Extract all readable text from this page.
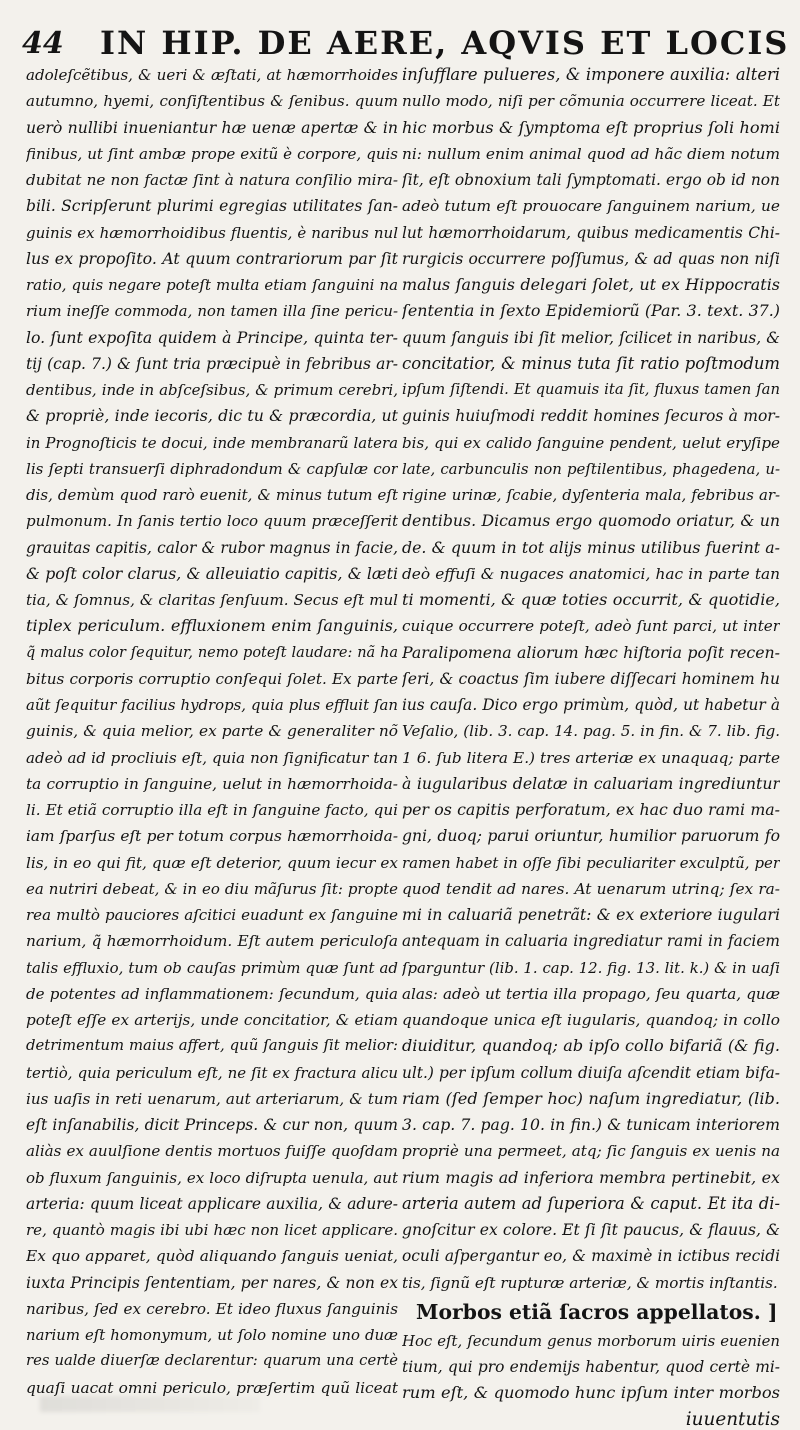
44 IN HIP. DE AERE, AQVIS ET LOCIS
adoleſcẽtibus, & ueri & æſtati, at hæmorrhoides
autumno, hyemi, conſiſtentibus & ſenibus. quum
uerò nullibi inueniantur hæ uenæ apertæ & in
finibus, ut ſint ambæ prope exitũ è corpore, quis
dubitat ne non factæ ſint à natura conſilio mira-
bili. Scripſerunt plurimi egregias utilitates ſan-
guinis ex hæmorrhoidibus fluentis, è naribus nul
lus ex propoſito. At quum contrariorum par ſit
ratio, quis negare poteſt multa etiam ſanguini na
rium ineſſe commoda, non tamen illa ſine pericu-
lo. ſunt expoſita quidem à Principe, quinta ter-
tij (cap. 7.) & ſunt tria præcipuè in febribus ar-
dentibus, inde in abſceſsibus, & primum cerebri,
& propriè, inde iecoris, dic tu & præcordia, ut
in Prognoſticis te docui, inde membranarũ latera
lis ſepti transuerſi diphradondum & capſulæ cor
dis, demùm quod rarò euenit, & minus tutum eſt
pulmonum. In ſanis tertio loco quum præceſſerit
grauitas capitis, calor & rubor magnus in facie,
& poſt color clarus, & alleuiatio capitis, & læti
tia, & ſomnus, & claritas ſenſuum. Secus eſt mul
tiplex periculum. effluxionem enim ſanguinis,
q̃ malus color ſequitur, nemo poteſt laudare: nã ha
bitus corporis corruptio conſequi ſolet. Ex parte
aũt ſequitur facilius hydrops, quia plus effluit ſan
guinis, & quia melior, ex parte & generaliter nõ
adeò ad id procliuis eſt, quia non ſignificatur tan
ta corruptio in ſanguine, uelut in hæmorrhoida-
li. Et etiã corruptio illa eſt in ſanguine facto, qui
iam ſparſus eſt per totum corpus hæmorrhoida-
lis, in eo qui fit, quæ eſt deterior, quum iecur ex
ea nutriri debeat, & in eo diu mãſurus ſit: propte
rea multò pauciores aſcitici euadunt ex ſanguine
narium, q̃ hæmorrhoidum. Eſt autem periculoſa
talis effluxio, tum ob cauſas primùm quæ ſunt ad
de potentes ad inflammationem: ſecundum, quia
poteſt eſſe ex arterijs, unde concitatior, & etiam
detrimentum maius affert, quũ ſanguis ſit melior:
tertiò, quia periculum eſt, ne ſit ex fractura alicu
ius uaſis in reti uenarum, aut arteriarum, & tum
eſt inſanabilis, dicit Princeps. & cur non, quum
aliàs ex auulſione dentis mortuos fuiſſe quoſdam
ob fluxum ſanguinis, ex loco diſrupta uenula, aut
arteria: quum liceat applicare auxilia, & adure-
re, quantò magis ibi ubi hæc non licet applicare.
Ex quo apparet, quòd aliquando ſanguis ueniat,
iuxta Principis ſententiam, per nares, & non ex
naribus, ſed ex cerebro. Et ideo fluxus ſanguinis
narium eſt homonymum, ut ſolo nomine uno duæ
res ualde diuerſæ declarentur: quarum una certè
quaſi uacat omni periculo, præſertim quũ liceat
inſufflare pulueres, & imponere auxilia: alteri
nullo modo, niſi per cõmunia occurrere liceat. Et
hic morbus & ſymptoma eſt proprius ſoli homi
ni: nullum enim animal quod ad hãc diem notum
ſit, eſt obnoxium tali ſymptomati. ergo ob id non
adeò tutum eſt prouocare ſanguinem narium, ue
lut hæmorrhoidarum, quibus medicamentis Chi-
rurgicis occurrere poſſumus, & ad quas non niſi
malus ſanguis delegari ſolet, ut ex Hippocratis
ſententia in ſexto Epidemiorũ (Par. 3. text. 37.)
quum ſanguis ibi ſit melior, ſcilicet in naribus, &
concitatior, & minus tuta ſit ratio poſtmodum
ipſum ſiſtendi. Et quamuis ita ſit, fluxus tamen ſan
guinis huiuſmodi reddit homines ſecuros à mor-
bis, qui ex calido ſanguine pendent, uelut eryſipe
late, carbunculis non peſtilentibus, phagedena, u-
rigine urinæ, ſcabie, dyſenteria mala, febribus ar-
dentibus. Dicamus ergo quomodo oriatur, & un
de. & quum in tot alijs minus utilibus fuerint a-
deò effuſi & nugaces anatomici, hac in parte tan
ti momenti, & quæ toties occurrit, & quotidie,
cuique occurrere poteſt, adeò ſunt parci, ut inter
Paralipomena aliorum hæc hiſtoria poſit recen-
ſeri, & coactus ſim iubere diſſecari hominem hu
ius cauſa. Dico ergo primùm, quòd, ut habetur à
Veſalio, (lib. 3. cap. 14. pag. 5. in fin. & 7. lib. fig.
1 6. ſub litera E.) tres arteriæ ex unaquaq; parte
à iugularibus delatæ in caluariam ingrediuntur
per os capitis perforatum, ex hac duo rami ma-
gni, duoq; parui oriuntur, humilior paruorum fo
ramen habet in oſſe ſibi peculiariter exculptũ, per
quod tendit ad nares. At uenarum utrinq; ſex ra-
mi in caluariã penetrãt: & ex exteriore iugulari
antequam in caluaria ingrediatur rami in faciem
ſparguntur (lib. 1. cap. 12. fig. 13. lit. k.) & in uaſi
alas: adeò ut tertia illa propago, ſeu quarta, quæ
quandoque unica eſt iugularis, quandoq; in collo
diuiditur, quandoq; ab ipſo collo bifariã (& fig.
ult.) per ipſum collum diuiſa aſcendit etiam bifa-
riam (ſed ſemper hoc) naſum ingrediatur, (lib.
3. cap. 7. pag. 10. in fin.) & tunicam interiorem
propriè una permeet, atq; ſic ſanguis ex uenis na
rium magis ad inferiora membra pertinebit, ex
arteria autem ad ſuperiora & caput. Et ita di-
gnoſcitur ex colore. Et ſi ſit paucus, & flauus, &
oculi aſpergantur eo, & maximè in ictibus recidi
tis, ſignũ eſt rupturæ arteriæ, & mortis inſtantis.
Morbos etiã ſacros appellatos. ]
Hoc eſt, ſecundum genus morborum uiris euenien
tium, qui pro endemijs habentur, quod certè mi-
rum eſt, & quomodo hunc ipſum inter morbos
iuuentutis
